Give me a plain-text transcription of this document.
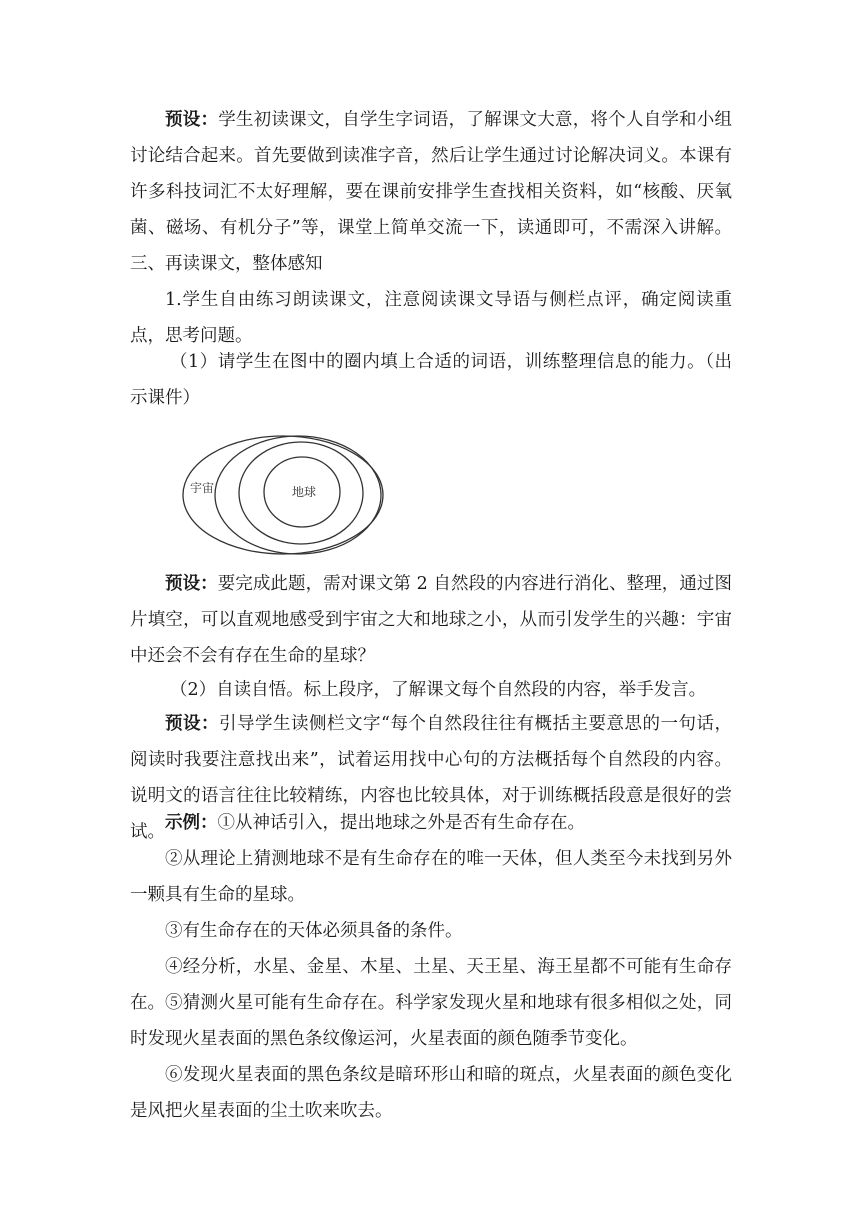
预设：学生初读课文，自学生字词语，了解课文大意，将个人自学和小组讨论结合起来。首先要做到读准字音，然后让学生通过讨论解决词义。本课有许多科技词汇不太好理解，要在课前安排学生查找相关资料，如“核酸、厌氧菌、磁场、有机分子”等，课堂上简单交流一下，读通即可，不需深入讲解。三、再读课文，整体感知

1.学生自由练习朗读课文，注意阅读课文导语与侧栏点评，确定阅读重点，思考问题。

（1）请学生在图中的圈内填上合适的词语，训练整理信息的能力。（出示课件）

宇宙	地球

预设：要完成此题，需对课文第 2 自然段的内容进行消化、整理，通过图片填空，可以直观地感受到宇宙之大和地球之小，从而引发学生的兴趣：宇宙中还会不会有存在生命的星球？

（2）自读自悟。标上段序，了解课文每个自然段的内容，举手发言。

预设：引导学生读侧栏文字“每个自然段往往有概括主要意思的一句话，阅读时我要注意找出来”，试着运用找中心句的方法概括每个自然段的内容。说明文的语言往往比较精练，内容也比较具体，对于训练概括段意是很好的尝试。 示例：①从神话引入，提出地球之外是否有生命存在。

②从理论上猜测地球不是有生命存在的唯一天体，但人类至今未找到另外一颗具有生命的星球。

③有生命存在的天体必须具备的条件。

④经分析，水星、金星、木星、土星、天王星、海王星都不可能有生命存在。 ⑤猜测火星可能有生命存在。科学家发现火星和地球有很多相似之处，同时发现火星表面的黑色条纹像运河，火星表面的颜色随季节变化。

⑥发现火星表面的黑色条纹是暗环形山和暗的斑点，火星表面的颜色变化是风把火星表面的尘土吹来吹去。
